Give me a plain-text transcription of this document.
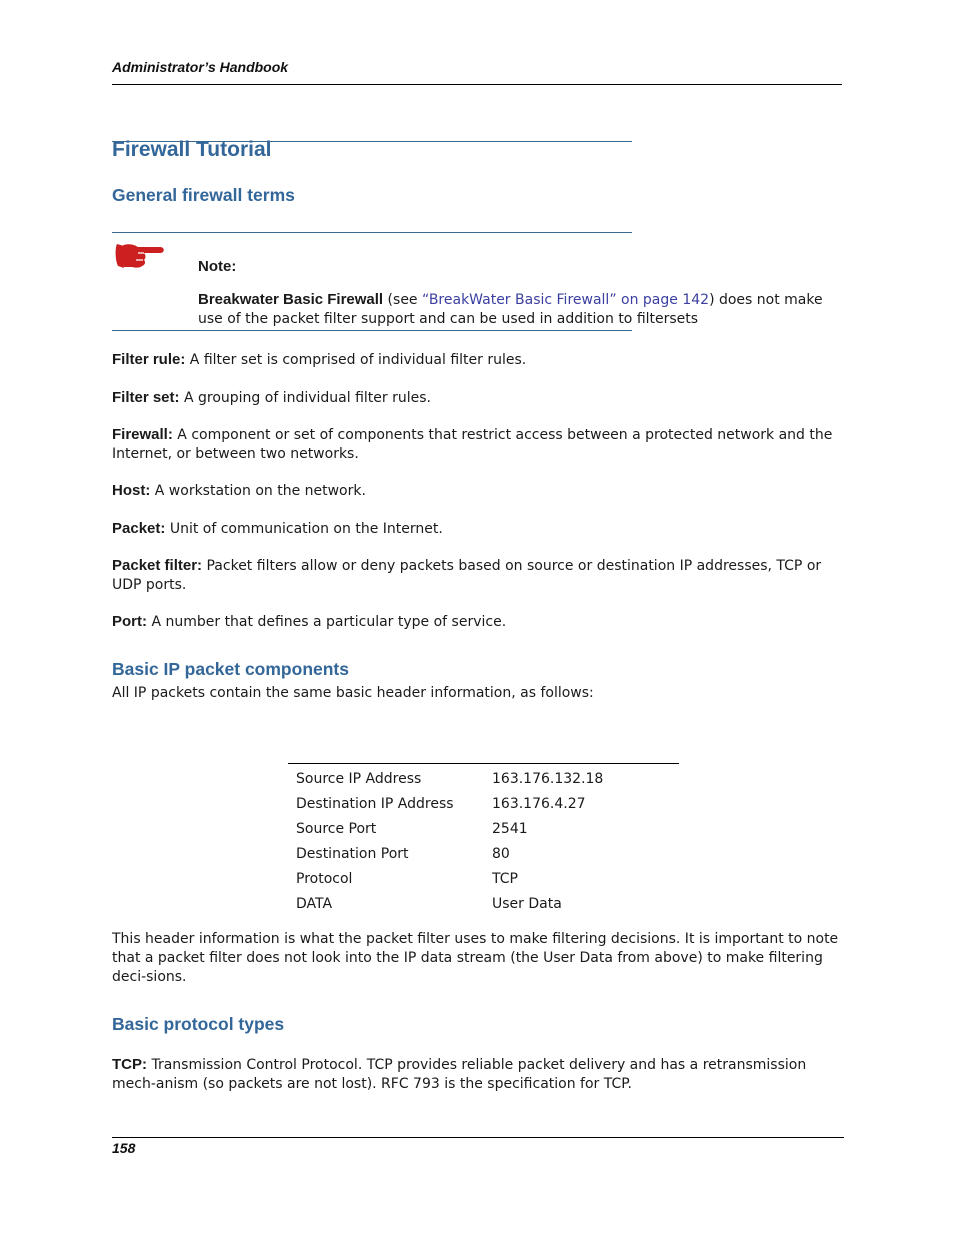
Administrator’s Handbook
Firewall Tutorial
General firewall terms
Note:
Breakwater Basic Firewall (see “BreakWater Basic Firewall” on page 142) does not make use of the packet filter support and can be used in addition to filtersets
Filter rule: A filter set is comprised of individual filter rules.
Filter set: A grouping of individual filter rules.
Firewall: A component or set of components that restrict access between a protected network and the Internet, or between two networks.
Host: A workstation on the network.
Packet: Unit of communication on the Internet.
Packet filter: Packet filters allow or deny packets based on source or destination IP addresses, TCP or UDP ports.
Port: A number that defines a particular type of service.
Basic IP packet components
All IP packets contain the same basic header information, as follows:
Source IP Address	163.176.132.18
Destination IP Address	163.176.4.27
Source Port	2541
Destination Port	80
Protocol	TCP
DATA	User Data
This header information is what the packet filter uses to make filtering decisions. It is important to note that a packet filter does not look into the IP data stream (the User Data from above) to make filtering deci-sions.
Basic protocol types
TCP: Transmission Control Protocol. TCP provides reliable packet delivery and has a retransmission mech-anism (so packets are not lost). RFC 793 is the specification for TCP.
158
